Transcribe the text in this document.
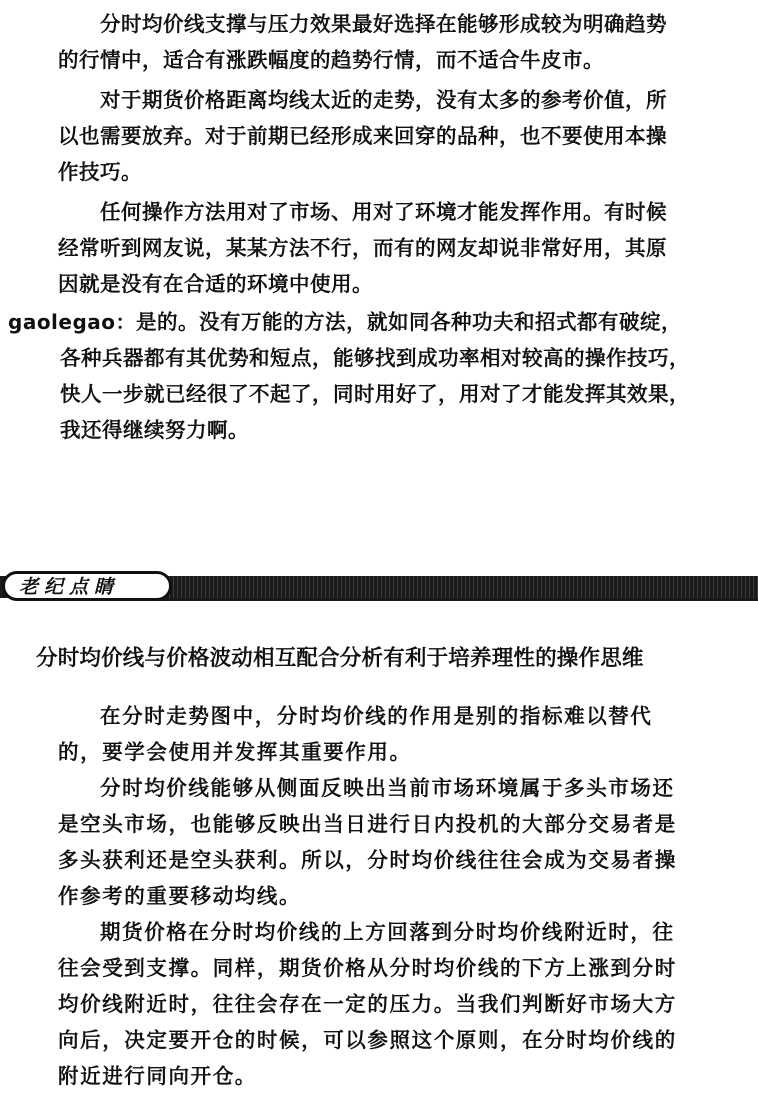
分时均价线支撑与压力效果最好选择在能够形成较为明确趋势
的行情中，适合有涨跌幅度的趋势行情，而不适合牛皮市。
对于期货价格距离均线太近的走势，没有太多的参考价值，所
以也需要放弃。对于前期已经形成来回穿的品种，也不要使用本操
作技巧。
任何操作方法用对了市场、用对了环境才能发挥作用。有时候
经常听到网友说，某某方法不行，而有的网友却说非常好用，其原
因就是没有在合适的环境中使用。
gaolegao：是的。没有万能的方法，就如同各种功夫和招式都有破绽，
各种兵器都有其优势和短点，能够找到成功率相对较高的操作技巧，
快人一步就已经很了不起了，同时用好了，用对了才能发挥其效果，
我还得继续努力啊。
老纪点睛
分时均价线与价格波动相互配合分析有利于培养理性的操作思维
在分时走势图中，分时均价线的作用是别的指标难以替代
的，要学会使用并发挥其重要作用。
分时均价线能够从侧面反映出当前市场环境属于多头市场还
是空头市场，也能够反映出当日进行日内投机的大部分交易者是
多头获利还是空头获利。所以，分时均价线往往会成为交易者操
作参考的重要移动均线。
期货价格在分时均价线的上方回落到分时均价线附近时，往
往会受到支撑。同样，期货价格从分时均价线的下方上涨到分时
均价线附近时，往往会存在一定的压力。当我们判断好市场大方
向后，决定要开仓的时候，可以参照这个原则，在分时均价线的
附近进行同向开仓。
